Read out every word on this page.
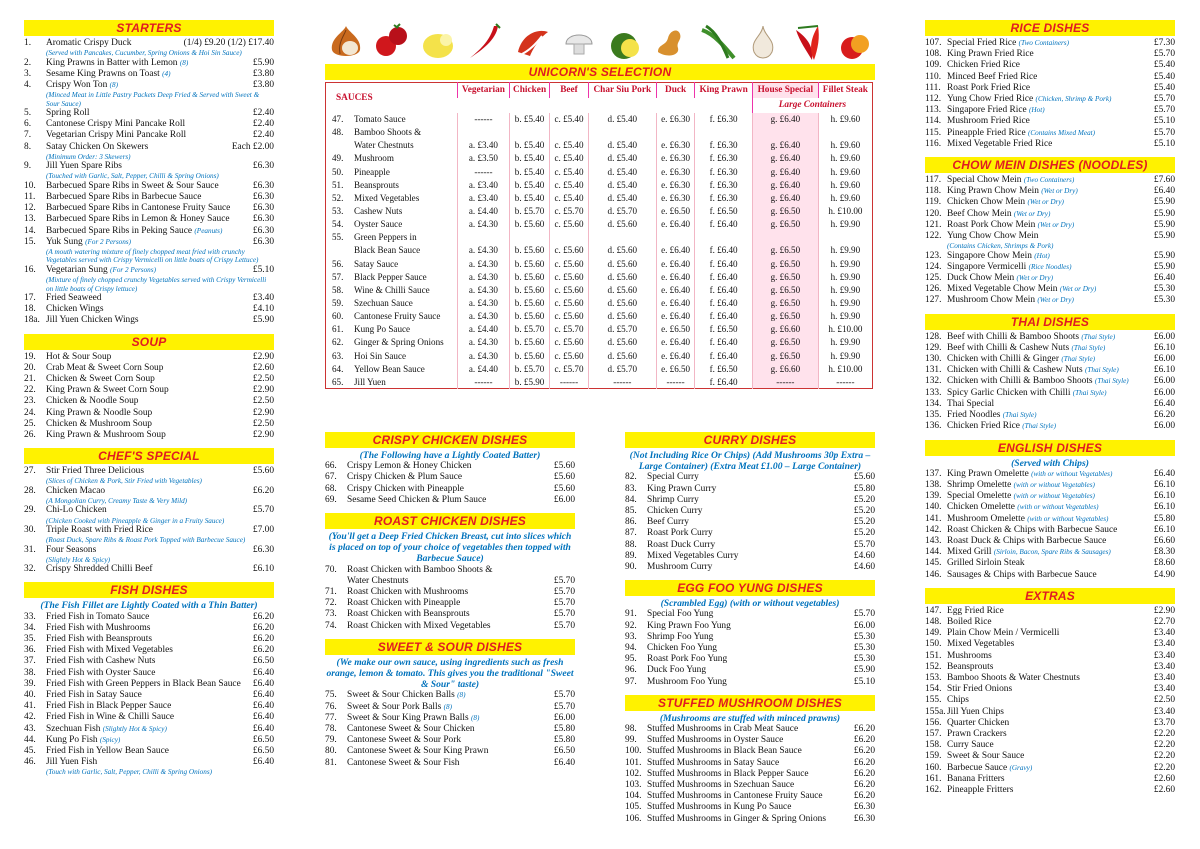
STARTERS
1.	Aromatic Crispy Duck	(1/4) £9.20 (1/2) £17.40
(Served with Pancakes, Cucumber, Spring Onions & Hoi Sin Sauce)
2.	King Prawns in Batter with Lemon (8)	£5.90
3.	Sesame King Prawns on Toast (4)	£3.80
4.	Crispy Won Ton (8)	£3.80
(Minced Meat in Little Pastry Packets Deep Fried & Served with Sweet & Sour Sauce)
5.	Spring Roll	£2.40
6.	Cantonese Crispy Mini Pancake Roll	£2.40
7.	Vegetarian Crispy Mini Pancake Roll	£2.40
8.	Satay Chicken On Skewers	Each £2.00
(Minimum Order: 3 Skewers)
9.	Jill Yuen Spare Ribs	£6.30
(Touched with Garlic, Salt, Pepper, Chilli & Spring Onions)
10.	Barbecued Spare Ribs in Sweet & Sour Sauce	£6.30
11.	Barbecued Spare Ribs in Barbecue Sauce	£6.30
12.	Barbecued Spare Ribs in Cantonese Fruity Sauce	£6.30
13.	Barbecued Spare Ribs in Lemon & Honey Sauce	£6.30
14.	Barbecued Spare Ribs in Peking Sauce (Peanuts)	£6.30
15.	Yuk Sung (For 2 Persons)	£6.30
(A mouth watering mixture of finely chopped meat fried with crunchy Vegetables served with Crispy Vermicelli on little boats of Crispy Lettuce)
16.	Vegetarian Sung (For 2 Persons)	£5.10
(Mixture of finely chopped crunchy Vegetables served with Crispy Vermicelli on little boats of Crispy lettuce)
17.	Fried Seaweed	£3.40
18.	Chicken Wings	£4.10
18a. Jill Yuen Chicken Wings	£5.90
SOUP
19.	Hot & Sour Soup	£2.90
20.	Crab Meat & Sweet Corn Soup	£2.60
21.	Chicken & Sweet Corn Soup	£2.50
22.	King Prawn & Sweet Corn Soup	£2.90
23.	Chicken & Noodle Soup	£2.50
24.	King Prawn & Noodle Soup	£2.90
25.	Chicken & Mushroom Soup	£2.50
26.	King Prawn & Mushroom Soup	£2.90
CHEF'S SPECIAL
27.	Stir Fried Three Delicious	£5.60
(Slices of Chicken & Pork, Stir Fried with Vegetables)
28.	Chicken Macao	£6.20
(A Mongolian Curry, Creamy Taste & Very Mild)
29.	Chi-Lo Chicken	£5.70
(Chicken Cooked with Pineapple & Ginger in a Fruity Sauce)
30.	Triple Roast with Fried Rice	£7.00
(Roast Duck, Spare Ribs & Roast Pork Topped with Barbecue Sauce)
31.	Four Seasons	£6.30
(Slightly Hot & Spicy)
32.	Crispy Shredded Chilli Beef	£6.10
FISH DISHES
(The Fish Fillet are Lightly Coated with a Thin Batter)
33.	Fried Fish in Tomato Sauce	£6.20
34.	Fried Fish with Mushrooms	£6.20
35.	Fried Fish with Beansprouts	£6.20
36.	Fried Fish with Mixed Vegetables	£6.20
37.	Fried Fish with Cashew Nuts	£6.50
38.	Fried Fish with Oyster Sauce	£6.40
39.	Fried Fish with Green Peppers in Black Bean Sauce	£6.40
40.	Fried Fish in Satay Sauce	£6.40
41.	Fried Fish in Black Pepper Sauce	£6.40
42.	Fried Fish in Wine & Chilli Sauce	£6.40
43.	Szechuan Fish (Slightly Hot & Spicy)	£6.40
44.	Kung Po Fish (Spicy)	£6.50
45.	Fried Fish in Yellow Bean Sauce	£6.50
46.	Jill Yuen Fish	£6.40
(Touch with Garlic, Salt, Pepper, Chilli & Spring Onions)
UNICORN'S SELECTION
SAUCES	Vegetarian	Chicken	Beef	Char Siu Pork	Duck	King Prawn	House Special	Fillet Steak
							Large Containers	
47. Tomato Sauce	------	b. £5.40	c. £5.40	d. £5.40	e. £6.30	f. £6.30	g. £6.40	h. £9.60
48. Bamboo Shoots &								
Water Chestnuts	a. £3.40	b. £5.40	c. £5.40	d. £5.40	e. £6.30	f. £6.30	g. £6.40	h. £9.60
49. Mushroom	a. £3.50	b. £5.40	c. £5.40	d. £5.40	e. £6.30	f. £6.30	g. £6.40	h. £9.60
50. Pineapple	------	b. £5.40	c. £5.40	d. £5.40	e. £6.30	f. £6.30	g. £6.40	h. £9.60
51. Beansprouts	a. £3.40	b. £5.40	c. £5.40	d. £5.40	e. £6.30	f. £6.30	g. £6.40	h. £9.60
52. Mixed Vegetables	a. £3.40	b. £5.40	c. £5.40	d. £5.40	e. £6.30	f. £6.30	g. £6.40	h. £9.60
53. Cashew Nuts	a. £4.40	b. £5.70	c. £5.70	d. £5.70	e. £6.50	f. £6.50	g. £6.50	h. £10.00
54. Oyster Sauce	a. £4.30	b. £5.60	c. £5.60	d. £5.60	e. £6.40	f. £6.40	g. £6.50	h. £9.90
55. Green Peppers in								
Black Bean Sauce	a. £4.30	b. £5.60	c. £5.60	d. £5.60	e. £6.40	f. £6.40	g. £6.50	h. £9.90
56. Satay Sauce	a. £4.30	b. £5.60	c. £5.60	d. £5.60	e. £6.40	f. £6.40	g. £6.50	h. £9.90
57. Black Pepper Sauce	a. £4.30	b. £5.60	c. £5.60	d. £5.60	e. £6.40	f. £6.40	g. £6.50	h. £9.90
58. Wine & Chilli Sauce	a. £4.30	b. £5.60	c. £5.60	d. £5.60	e. £6.40	f. £6.40	g. £6.50	h. £9.90
59. Szechuan Sauce	a. £4.30	b. £5.60	c. £5.60	d. £5.60	e. £6.40	f. £6.40	g. £6.50	h. £9.90
60. Cantonese Fruity Sauce	a. £4.30	b. £5.60	c. £5.60	d. £5.60	e. £6.40	f. £6.40	g. £6.50	h. £9.90
61. Kung Po Sauce	a. £4.40	b. £5.70	c. £5.70	d. £5.70	e. £6.50	f. £6.50	g. £6.60	h. £10.00
62. Ginger & Spring Onions	a. £4.30	b. £5.60	c. £5.60	d. £5.60	e. £6.40	f. £6.40	g. £6.50	h. £9.90
63. Hoi Sin Sauce	a. £4.30	b. £5.60	c. £5.60	d. £5.60	e. £6.40	f. £6.40	g. £6.50	h. £9.90
64. Yellow Bean Sauce	a. £4.40	b. £5.70	c. £5.70	d. £5.70	e. £6.50	f. £6.50	g. £6.60	h. £10.00
65. Jill Yuen	------	b. £5.90	------	------	------	f. £6.40	------	------
CRISPY CHICKEN DISHES
(The Following have a Lightly Coated Batter)
66.	Crispy Lemon & Honey Chicken	£5.60
67.	Crispy Chicken & Plum Sauce	£5.60
68.	Crispy Chicken with Pineapple	£5.60
69.	Sesame Seed Chicken & Plum Sauce	£6.00
ROAST CHICKEN DISHES
(You'll get a Deep Fried Chicken Breast, cut into slices which is placed on top of your choice of vegetables then topped with Barbecue Sauce)
70.	Roast Chicken with Bamboo Shoots &
Water Chestnuts	£5.70
71.	Roast Chicken with Mushrooms	£5.70
72.	Roast Chicken with Pineapple	£5.70
73.	Roast Chicken with Beansprouts	£5.70
74.	Roast Chicken with Mixed Vegetables	£5.70
SWEET & SOUR DISHES
(We make our own sauce, using ingredients such as fresh orange, lemon & tomato. This gives you the traditional "Sweet & Sour" taste)
75.	Sweet & Sour Chicken Balls (8)	£5.70
76.	Sweet & Sour Pork Balls (8)	£5.70
77.	Sweet & Sour King Prawn Balls (8)	£6.00
78.	Cantonese Sweet & Sour Chicken	£5.80
79.	Cantonese Sweet & Sour Pork	£5.80
80.	Cantonese Sweet & Sour King Prawn	£6.50
81.	Cantonese Sweet & Sour Fish	£6.40
CURRY DISHES
(Not Including Rice Or Chips) (Add Mushrooms 30p Extra – Large Container) (Extra Meat £1.00 – Large Container)
82.	Special Curry	£5.60
83.	King Prawn Curry	£5.80
84.	Shrimp Curry	£5.20
85.	Chicken Curry	£5.20
86.	Beef Curry	£5.20
87.	Roast Pork Curry	£5.20
88.	Roast Duck Curry	£5.70
89.	Mixed Vegetables Curry	£4.60
90.	Mushroom Curry	£4.60
EGG FOO YUNG DISHES
(Scrambled Egg) (with or without vegetables)
91.	Special Foo Yung	£5.70
92.	King Prawn Foo Yung	£6.00
93.	Shrimp Foo Yung	£5.30
94.	Chicken Foo Yung	£5.30
95.	Roast Pork Foo Yung	£5.30
96.	Duck Foo Yung	£5.90
97.	Mushroom Foo Yung	£5.10
STUFFED MUSHROOM DISHES
(Mushrooms are stuffed with minced prawns)
98.	Stuffed Mushrooms in Crab Meat Sauce	£6.20
99.	Stuffed Mushrooms in Oyster Sauce	£6.20
100. Stuffed Mushrooms in Black Bean Sauce	£6.20
101. Stuffed Mushrooms in Satay Sauce	£6.20
102. Stuffed Mushrooms in Black Pepper Sauce	£6.20
103. Stuffed Mushrooms in Szechuan Sauce	£6.20
104. Stuffed Mushrooms in Cantonese Fruity Sauce	£6.20
105. Stuffed Mushrooms in Kung Po Sauce	£6.30
106. Stuffed Mushrooms in Ginger & Spring Onions	£6.30
RICE DISHES
107. Special Fried Rice (Two Containers)	£7.30
108. King Prawn Fried Rice	£5.70
109. Chicken Fried Rice	£5.40
110. Minced Beef Fried Rice	£5.40
111. Roast Pork Fried Rice	£5.40
112. Yung Chow Fried Rice (Chicken, Shrimp & Pork)	£5.70
113. Singapore Fried Rice (Hot)	£5.70
114. Mushroom Fried Rice	£5.10
115. Pineapple Fried Rice (Contains Mixed Meat)	£5.70
116. Mixed Vegetable Fried Rice	£5.10
CHOW MEIN DISHES (NOODLES)
117. Special Chow Mein (Two Containers)	£7.60
118. King Prawn Chow Mein (Wet or Dry)	£6.40
119. Chicken Chow Mein (Wet or Dry)	£5.90
120. Beef Chow Mein (Wet or Dry)	£5.90
121. Roast Pork Chow Mein (Wet or Dry)	£5.90
122. Yung Chow Chow Mein	£5.90
(Contains Chicken, Shrimps & Pork)
123. Singapore Chow Mein (Hot)	£5.90
124. Singapore Vermicelli (Rice Noodles)	£5.90
125. Duck Chow Mein (Wet or Dry)	£6.40
126. Mixed Vegetable Chow Mein (Wet or Dry)	£5.30
127. Mushroom Chow Mein (Wet or Dry)	£5.30
THAI DISHES
128. Beef with Chilli & Bamboo Shoots (Thai Style)	£6.00
129. Beef with Chilli & Cashew Nuts (Thai Style)	£6.10
130. Chicken with Chilli & Ginger (Thai Style)	£6.00
131. Chicken with Chilli & Cashew Nuts (Thai Style)	£6.10
132. Chicken with Chilli & Bamboo Shoots (Thai Style)	£6.00
133. Spicy Garlic Chicken with Chilli (Thai Style)	£6.00
134. Thai Special	£6.40
135. Fried Noodles (Thai Style)	£6.20
136. Chicken Fried Rice (Thai Style)	£6.00
ENGLISH DISHES
(Served with Chips)
137. King Prawn Omelette (with or without Vegetables)	£6.40
138. Shrimp Omelette (with or without Vegetables)	£6.10
139. Special Omelette (with or without Vegetables)	£6.10
140. Chicken Omelette (with or without Vegetables)	£6.10
141. Mushroom Omelette (with or without Vegetables)	£5.80
142. Roast Chicken & Chips with Barbecue Sauce	£6.10
143. Roast Duck & Chips with Barbecue Sauce	£6.60
144. Mixed Grill (Sirloin, Bacon, Spare Ribs & Sausages)	£8.30
145. Grilled Sirloin Steak	£8.60
146. Sausages & Chips with Barbecue Sauce	£4.90
EXTRAS
147. Egg Fried Rice	£2.90
148. Boiled Rice	£2.70
149. Plain Chow Mein / Vermicelli	£3.40
150. Mixed Vegetables	£3.40
151. Mushrooms	£3.40
152. Beansprouts	£3.40
153. Bamboo Shoots & Water Chestnuts	£3.40
154. Stir Fried Onions	£3.40
155. Chips	£2.50
155a. Jill Yuen Chips	£3.40
156. Quarter Chicken	£3.70
157. Prawn Crackers	£2.20
158. Curry Sauce	£2.20
159. Sweet & Sour Sauce	£2.20
160. Barbecue Sauce (Gravy)	£2.20
161. Banana Fritters	£2.60
162. Pineapple Fritters	£2.60
